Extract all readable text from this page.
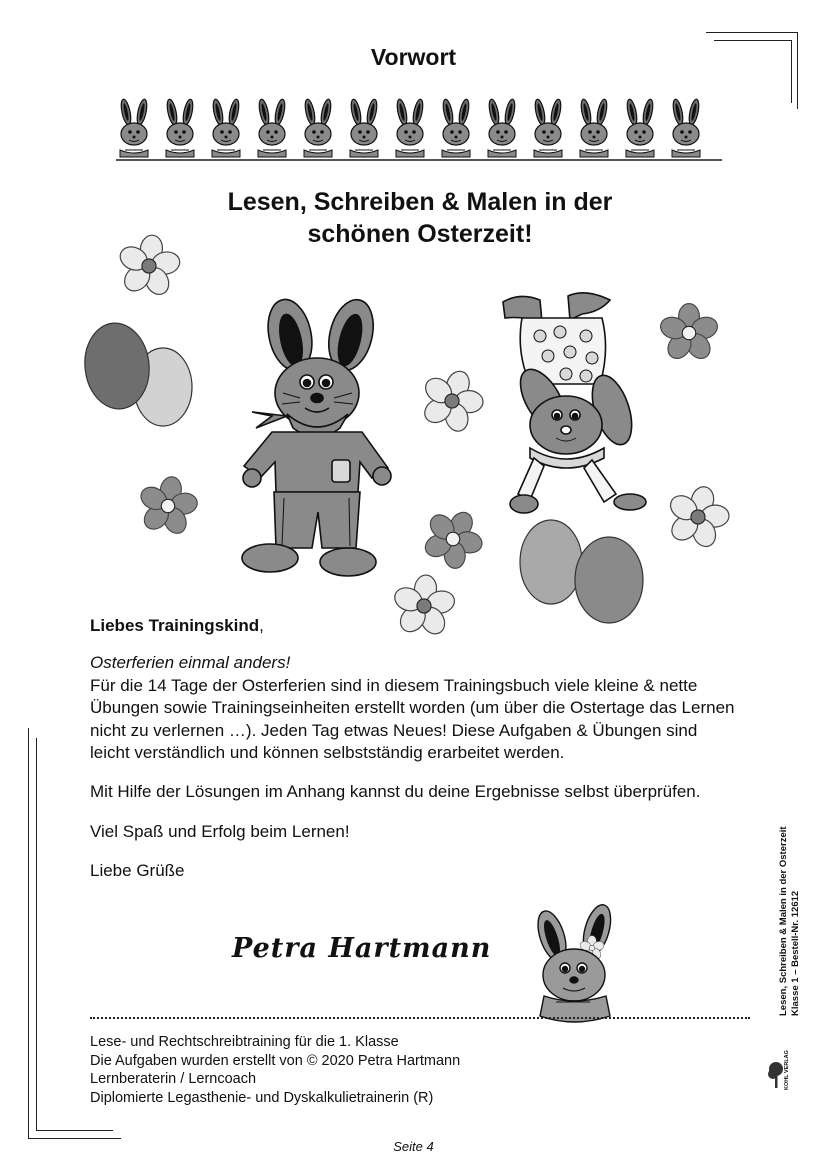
Vorwort
Lesen, Schreiben & Malen in der
schönen Osterzeit!

Liebes Trainingskind,

Osterferien einmal anders!

Für die 14 Tage der Osterferien sind in diesem Trainingsbuch viele kleine & nette Übungen sowie Trainingseinheiten erstellt worden (um über die Ostertage das Lernen nicht zu verlernen …). Jeden Tag etwas Neues! Diese Aufgaben & Übungen sind leicht verständlich und können selbstständig erarbeitet werden.

Mit Hilfe der Lösungen im Anhang kannst du deine Ergebnisse selbst überprüfen.

Viel Spaß und Erfolg beim Lernen!

Liebe Grüße

Petra Hartmann
Lese- und Rechtschreibtraining für die 1. Klasse
Die Aufgaben wurden erstellt von © 2020 Petra Hartmann
Lernberaterin / Lerncoach
Diplomierte Legasthenie- und Dyskalkulietrainerin (R)
Lesen, Schreiben & Malen in der Osterzeit Klasse 1 – Bestell-Nr. 12612
KOHL VERLAG
Seite 4
